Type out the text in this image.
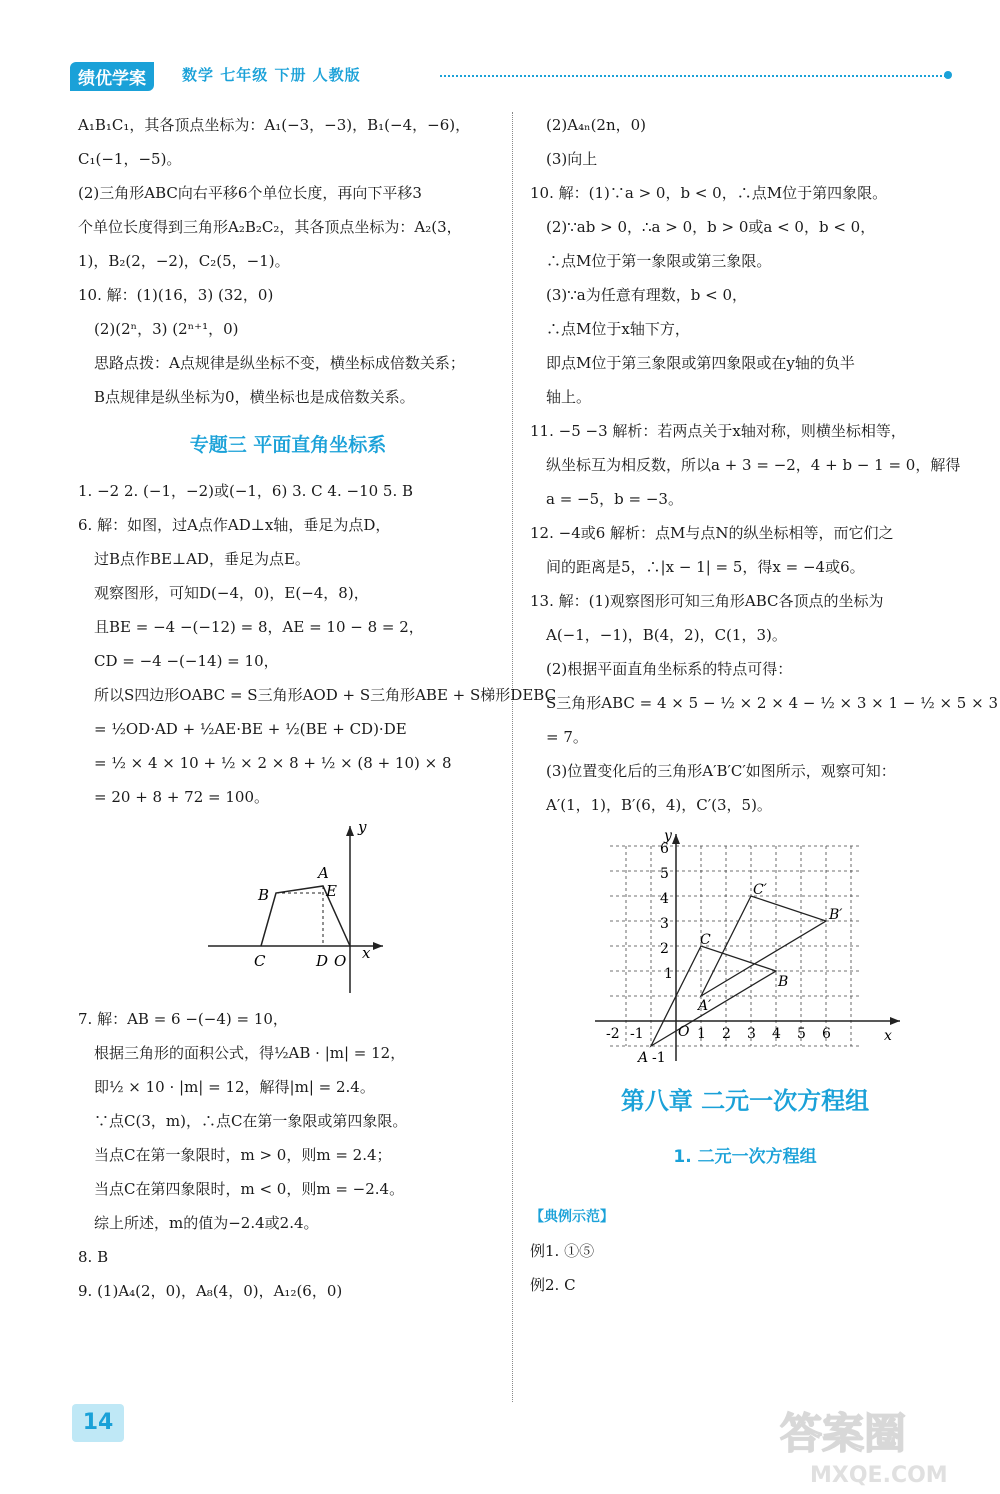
绩优学案	数学 七年级 下册 人教版
A₁B₁C₁，其各顶点坐标为：A₁(−3，−3)，B₁(−4，−6)，
C₁(−1，−5)。
(2)三角形ABC向右平移6个单位长度，再向下平移3
个单位长度得到三角形A₂B₂C₂，其各顶点坐标为：A₂(3，
1)，B₂(2，−2)，C₂(5，−1)。
10. 解：(1)(16，3) (32，0)
(2)(2ⁿ，3) (2ⁿ⁺¹，0)
思路点拨：A点规律是纵坐标不变，横坐标成倍数关系；
B点规律是纵坐标为0，横坐标也是成倍数关系。
专题三 平面直角坐标系
1. −2 2. (−1，−2)或(−1，6) 3. C 4. −10 5. B
6. 解：如图，过A点作AD⊥x轴，垂足为点D，
过B点作BE⊥AD，垂足为点E。
观察图形，可知D(−4，0)，E(−4，8)，
且BE = −4 −(−12) = 8，AE = 10 − 8 = 2，
CD = −4 −(−14) = 10，
所以S四边形OABC = S三角形AOD + S三角形ABE + S梯形DEBC
= ½OD·AD + ½AE·BE + ½(BE + CD)·DE
= ½ × 4 × 10 + ½ × 2 × 8 + ½ × (8 + 10) × 8
= 20 + 8 + 72 = 100。
y
A
E
B
C	D O x
7. 解：AB = 6 −(−4) = 10，
根据三角形的面积公式，得½AB · |m| = 12，
即½ × 10 · |m| = 12，解得|m| = 2.4。
∵点C(3，m)，∴点C在第一象限或第四象限。
当点C在第一象限时，m > 0，则m = 2.4；
当点C在第四象限时，m < 0，则m = −2.4。
综上所述，m的值为−2.4或2.4。
8. B
9. (1)A₄(2，0)，A₈(4，0)，A₁₂(6，0)
(2)A₄ₙ(2n，0)
(3)向上
10. 解：(1)∵a > 0，b < 0，∴点M位于第四象限。
(2)∵ab > 0，∴a > 0，b > 0或a < 0，b < 0，
∴点M位于第一象限或第三象限。
(3)∵a为任意有理数，b < 0，
∴点M位于x轴下方，
即点M位于第三象限或第四象限或在y轴的负半
轴上。
11. −5 −3 解析：若两点关于x轴对称，则横坐标相等，
纵坐标互为相反数，所以a + 3 = −2，4 + b − 1 = 0，解得
a = −5，b = −3。
12. −4或6 解析：点M与点N的纵坐标相等，而它们之
间的距离是5，∴|x − 1| = 5，得x = −4或6。
13. 解：(1)观察图形可知三角形ABC各顶点的坐标为
A(−1，−1)，B(4，2)，C(1，3)。
(2)根据平面直角坐标系的特点可得：
S三角形ABC = 4 × 5 − ½ × 2 × 4 − ½ × 3 × 1 − ½ × 5 × 3
= 7。
(3)位置变化后的三角形A′B′C′如图所示，观察可知：
A′(1，1)，B′(6，4)，C′(3，5)。
y
x
O
6
5
4
3
2
1
-2 -1	1 2 3 4 5 6
C′
B′
C
B
A′
A -1
第八章 二元一次方程组
1. 二元一次方程组
【典例示范】
例1. ①⑤
例2. C
14	答案圈
MXQE.COM
